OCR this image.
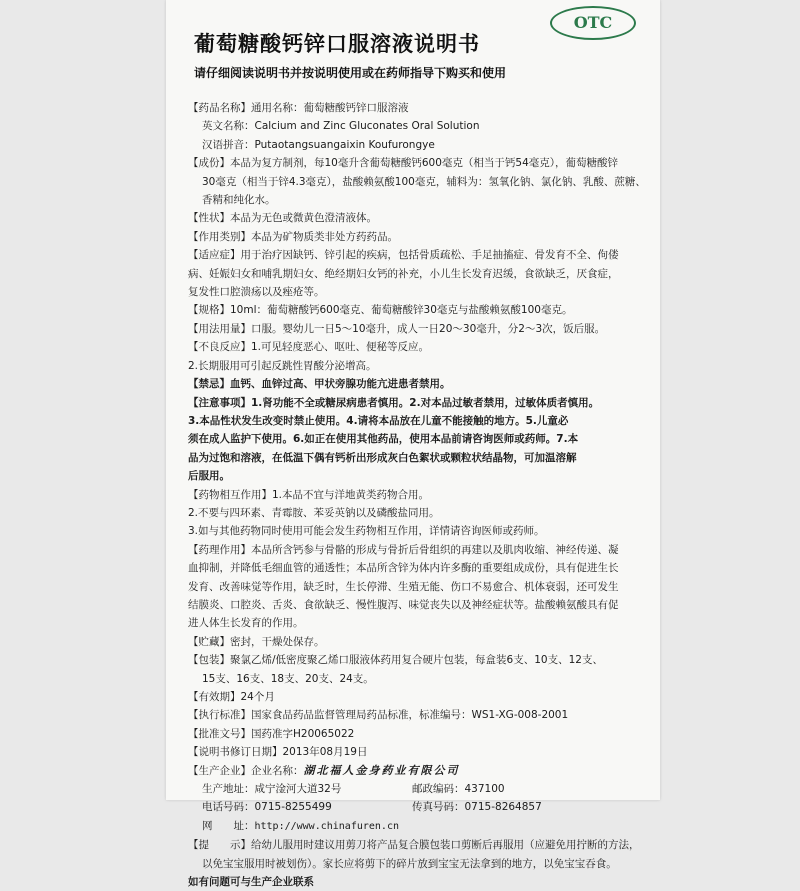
葡萄糖酸钙锌口服溶液说明书
OTC
请仔细阅读说明书并按说明使用或在药师指导下购买和使用
【药品名称】通用名称：葡萄糖酸钙锌口服溶液
英文名称：Calcium and Zinc Gluconates Oral Solution
汉语拼音：Putaotangsuangaixin Koufurongye
【成份】本品为复方制剂，每10毫升含葡萄糖酸钙600毫克（相当于钙54毫克），葡萄糖酸锌
30毫克（相当于锌4.3毫克），盐酸赖氨酸100毫克，辅料为：氢氧化钠、氯化钠、乳酸、蔗糖、
香精和纯化水。
【性状】本品为无色或微黄色澄清液体。
【作用类别】本品为矿物质类非处方药药品。
【适应症】用于治疗因缺钙、锌引起的疾病，包括骨质疏松、手足抽搐症、骨发育不全、佝偻
病、妊娠妇女和哺乳期妇女、绝经期妇女钙的补充，小儿生长发育迟缓，食欲缺乏，厌食症，
复发性口腔溃疡以及痤疮等。
【规格】10ml：葡萄糖酸钙600毫克、葡萄糖酸锌30毫克与盐酸赖氨酸100毫克。
【用法用量】口服。婴幼儿一日5～10毫升，成人一日20～30毫升，分2～3次，饭后服。
【不良反应】1.可见轻度恶心、呕吐、便秘等反应。
2.长期服用可引起反跳性胃酸分泌增高。
【禁忌】血钙、血锌过高、甲状旁腺功能亢进患者禁用。
【注意事项】1.肾功能不全或糖尿病患者慎用。2.对本品过敏者禁用，过敏体质者慎用。
3.本品性状发生改变时禁止使用。4.请将本品放在儿童不能接触的地方。5.儿童必
须在成人监护下使用。6.如正在使用其他药品，使用本品前请咨询医师或药师。7.本
品为过饱和溶液，在低温下偶有钙析出形成灰白色絮状或颗粒状结晶物，可加温溶解
后服用。
【药物相互作用】1.本品不宜与洋地黄类药物合用。
2.不要与四环素、青霉胺、苯妥英钠以及磷酸盐同用。
3.如与其他药物同时使用可能会发生药物相互作用，详情请咨询医师或药师。
【药理作用】本品所含钙参与骨骼的形成与骨折后骨组织的再建以及肌肉收缩、神经传递、凝
血抑制，并降低毛细血管的通透性；本品所含锌为体内许多酶的重要组成成份，具有促进生长
发育、改善味觉等作用，缺乏时，生长停滞、生殖无能、伤口不易愈合、机体衰弱，还可发生
结膜炎、口腔炎、舌炎、食欲缺乏、慢性腹泻、味觉丧失以及神经症状等。盐酸赖氨酸具有促
进人体生长发育的作用。
【贮藏】密封，干燥处保存。
【包装】聚氯乙烯/低密度聚乙烯口服液体药用复合硬片包装，每盒装6支、10支、12支、
15支、16支、18支、20支、24支。
【有效期】24个月
【执行标准】国家食品药品监督管理局药品标准，标准编号：WS1-XG-008-2001
【批准文号】国药准字H20065022
【说明书修订日期】2013年08月19日
【生产企业】企业名称：湖北福人金身药业有限公司
生产地址：咸宁淦河大道32号	邮政编码：437100
电话号码：0715-8255499	传真号码：0715-8264857
网　　址：http://www.chinafuren.cn
【提　　示】给幼儿服用时建议用剪刀将产品复合膜包装口剪断后再服用（应避免用拧断的方法，
以免宝宝服用时被划伤）。家长应将剪下的碎片放到宝宝无法拿到的地方，以免宝宝吞食。
如有问题可与生产企业联系
